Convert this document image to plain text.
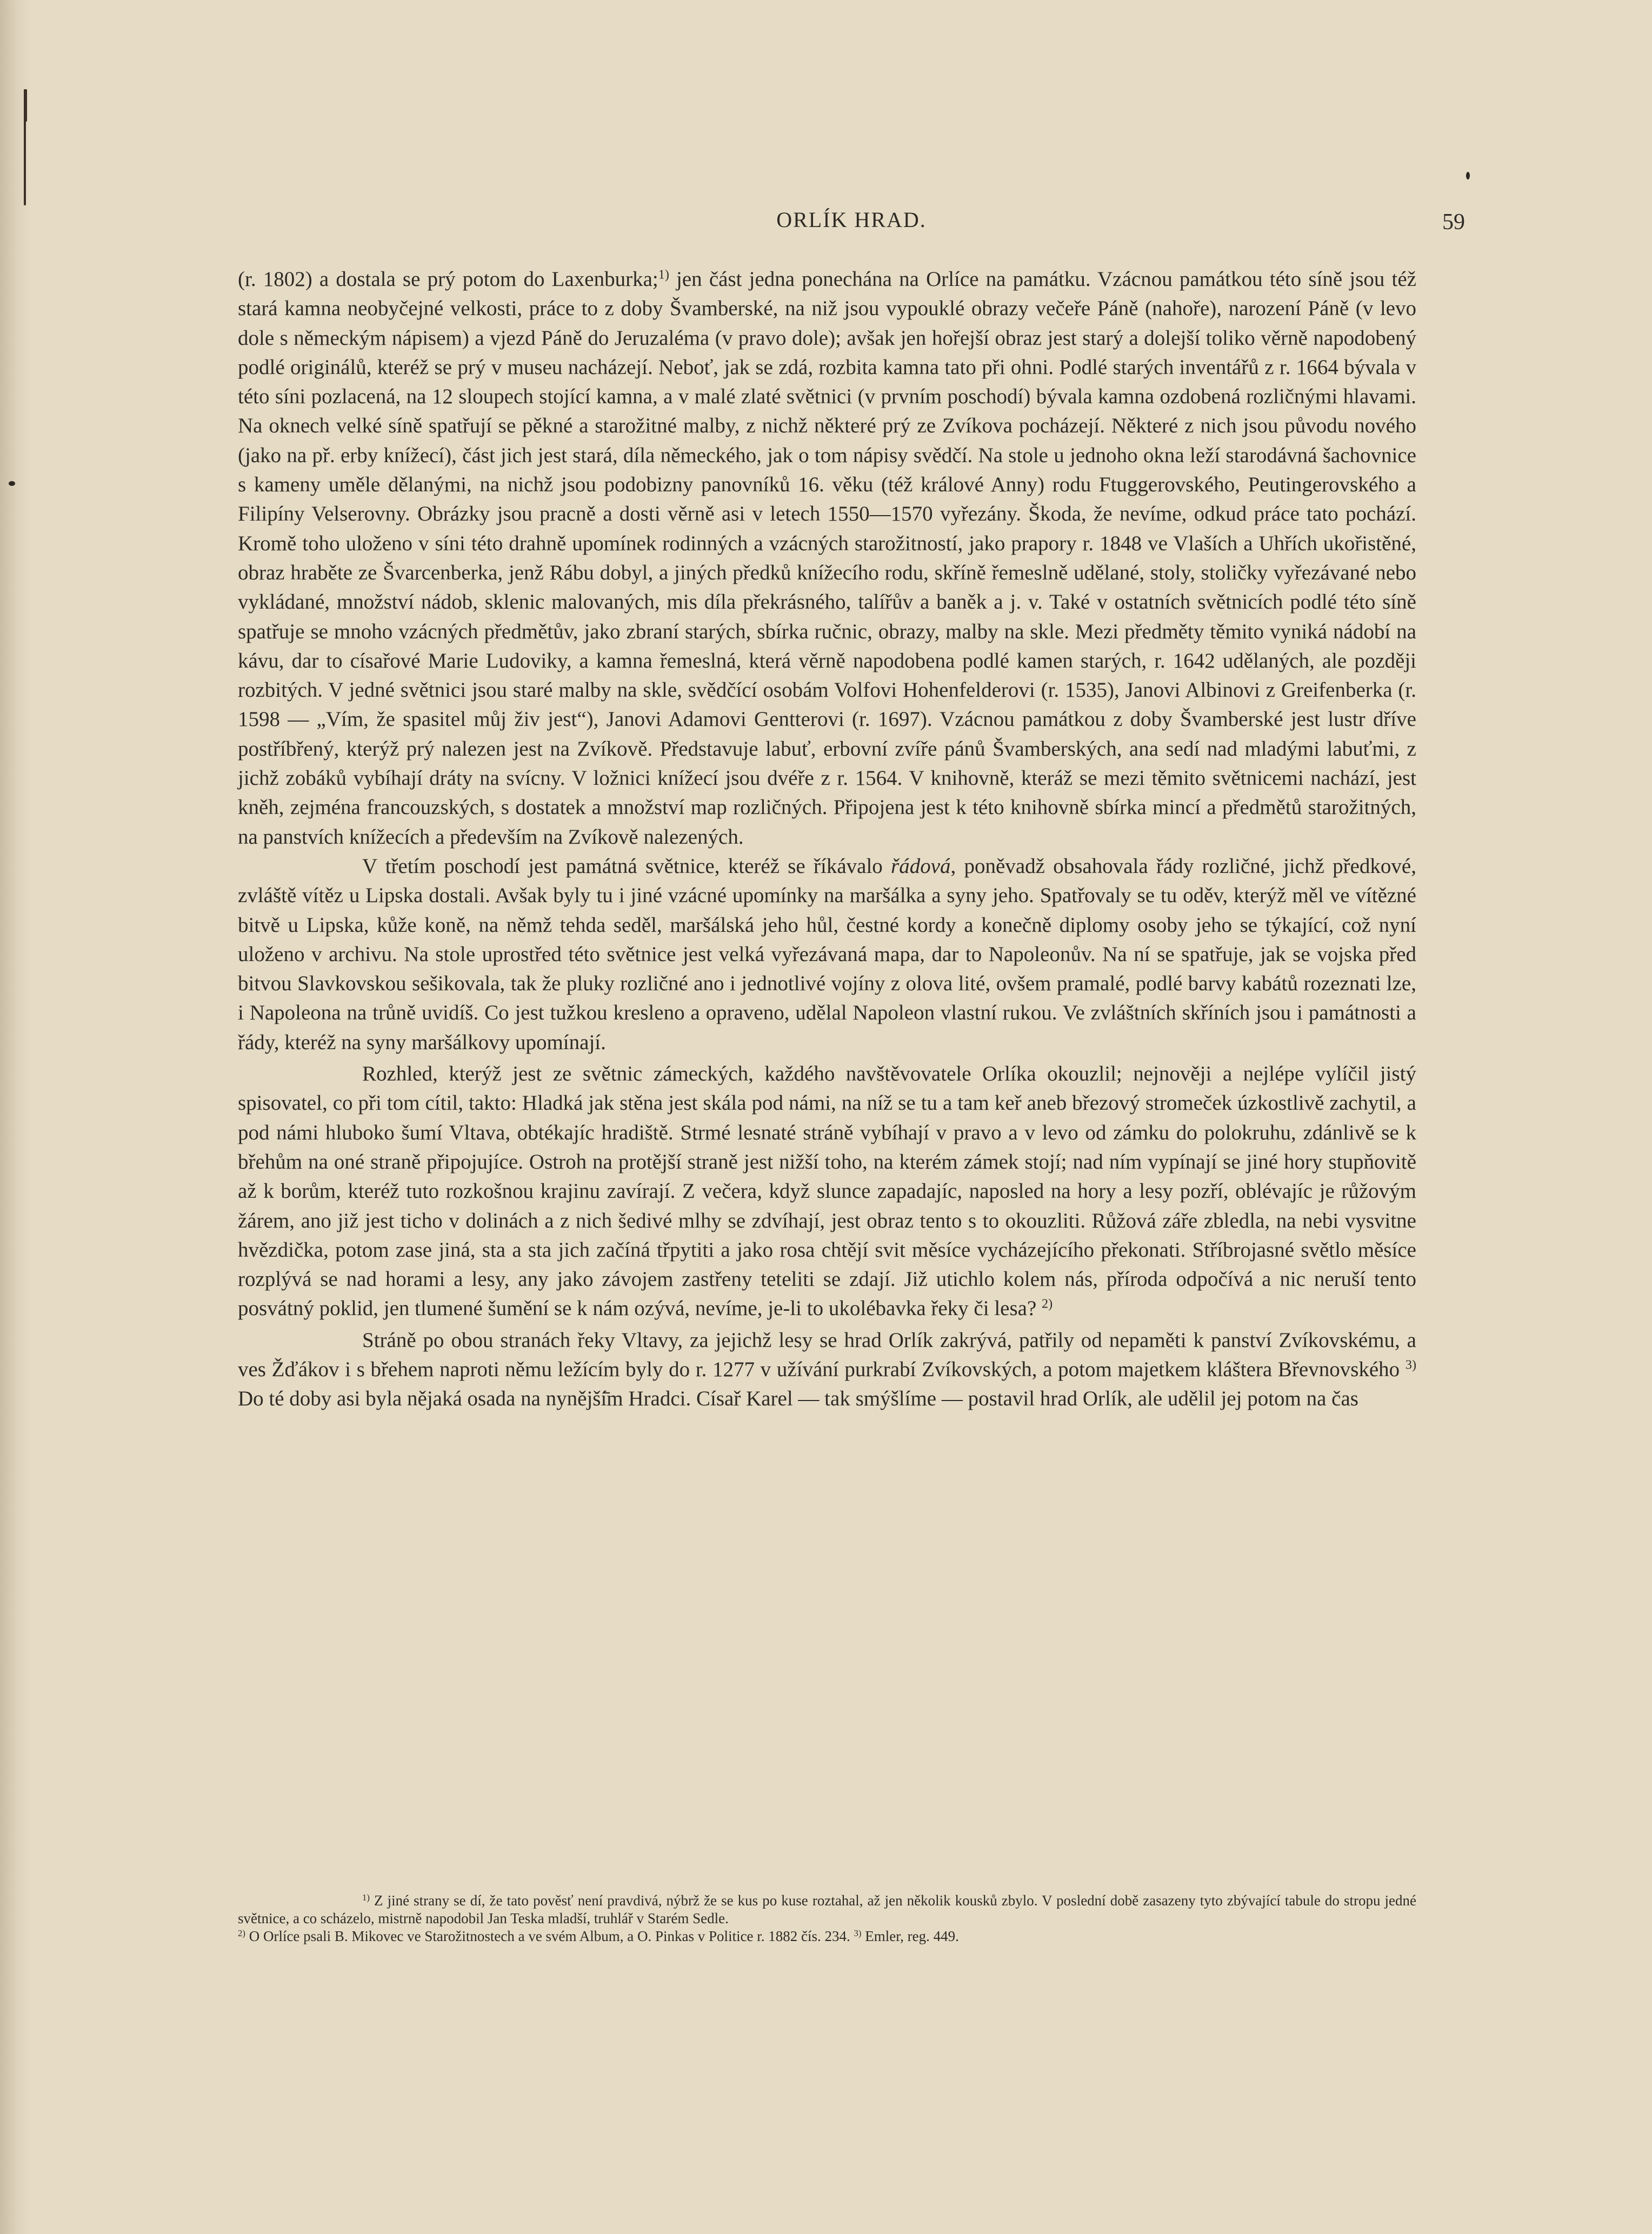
ORLÍK HRAD.	59

(r. 1802) a dostala se prý potom do Laxenburka;$^{1)}$ jen část jedna ponechána na Orlíce na památku. Vzácnou památkou této síně jsou též stará kamna neobyčejné velkosti, práce to z doby Švamberské, na niž jsou vypouklé obrazy večeře Páně (nahoře), narození Páně (v levo dole s německým nápisem) a vjezd Páně do Jeruzaléma (v pravo dole); avšak jen hořejší obraz jest starý a dolejší toliko věrně napodobený podlé originálů, kteréž se prý v museu nacházejí. Neboť, jak se zdá, rozbita kamna tato při ohni. Podlé starých inventářů z r. 1664 bývala v této síni pozlacená, na 12 sloupech stojící kamna, a v malé zlaté světnici (v prvním poschodí) bývala kamna ozdobená rozličnými hlavami. Na oknech velké síně spatřují se pěkné a starožitné malby, z nichž některé prý ze Zvíkova pocházejí. Některé z nich jsou původu nového (jako na př. erby knížecí), část jich jest stará, díla německého, jak o tom nápisy svědčí. Na stole u jednoho okna leží starodávná šachovnice s kameny uměle dělanými, na nichž jsou podobizny panovníků 16. věku (též králové Anny) rodu Ftuggerovského, Peutingerovského a Filipíny Velserovny. Obrázky jsou pracně a dosti věrně asi v letech 1550—1570 vyřezány. Škoda, že nevíme, odkud práce tato pochází. Kromě toho uloženo v síni této drahně upomínek rodinných a vzácných starožitností, jako prapory r. 1848 ve Vlaších a Uhřích ukořistěné, obraz hraběte ze Švarcenberka, jenž Rábu dobyl, a jiných předků knížecího rodu, skříně řemeslně udělané, stoly, stoličky vyřezávané nebo vykládané, množství nádob, sklenic malovaných, mis díla překrásného, talířův a baněk a j. v. Také v ostatních světnicích podlé této síně spatřuje se mnoho vzácných předmětův, jako zbraní starých, sbírka ručnic, obrazy, malby na skle. Mezi předměty těmito vyniká nádobí na kávu, dar to císařové Marie Ludoviky, a kamna řemeslná, která věrně napodobena podlé kamen starých, r. 1642 udělaných, ale později rozbitých. V jedné světnici jsou staré malby na skle, svědčící osobám Volfovi Hohenfelderovi (r. 1535), Janovi Albinovi z Greifenberka (r. 1598 — „Vím, že spasitel můj živ jest“), Janovi Adamovi Gentterovi (r. 1697). Vzácnou památkou z doby Švamberské jest lustr dříve postříbřený, kterýž prý nalezen jest na Zvíkově. Představuje labuť, erbovní zvíře pánů Švamberských, ana sedí nad mladými labuťmi, z jichž zobáků vybíhají dráty na svícny. V ložnici knížecí jsou dvéře z r. 1564. V knihovně, kteráž se mezi těmito světnicemi nachází, jest kněh, zejména francouzských, s dostatek a množství map rozličných. Připojena jest k této knihovně sbírka mincí a předmětů starožitných, na panstvích knížecích a především na Zvíkově nalezených.

V třetím poschodí jest památná světnice, kteréž se říkávalo řádová, poněvadž obsahovala řády rozličné, jichž předkové, zvláště vítěz u Lipska dostali. Avšak byly tu i jiné vzácné upomínky na maršálka a syny jeho. Spatřovaly se tu oděv, kterýž měl ve vítězné bitvě u Lipska, kůže koně, na němž tehda seděl, maršálská jeho hůl, čestné kordy a konečně diplomy osoby jeho se týkající, což nyní uloženo v archivu. Na stole uprostřed této světnice jest velká vyřezávaná mapa, dar to Napoleonův. Na ní se spatřuje, jak se vojska před bitvou Slavkovskou sešikovala, tak že pluky rozličné ano i jednotlivé vojíny z olova lité, ovšem pramalé, podlé barvy kabátů rozeznati lze, i Napoleona na trůně uvidíš. Co jest tužkou kresleno a opraveno, udělal Napoleon vlastní rukou. Ve zvláštních skříních jsou i památnosti a řády, kteréž na syny maršálkovy upomínají.

Rozhled, kterýž jest ze světnic zámeckých, každého navštěvovatele Orlíka okouzlil; nejnověji a nejlépe vylíčil jistý spisovatel, co při tom cítil, takto: Hladká jak stěna jest skála pod námi, na níž se tu a tam keř aneb březový stromeček úzkostlivě zachytil, a pod námi hluboko šumí Vltava, obtékajíc hradiště. Strmé lesnaté stráně vybíhají v pravo a v levo od zámku do polokruhu, zdánlivě se k břehům na oné straně připojujíce. Ostroh na protější straně jest nižší toho, na kterém zámek stojí; nad ním vypínají se jiné hory stupňovitě až k borům, kteréž tuto rozkošnou krajinu zavírají. Z večera, když slunce zapadajíc, naposled na hory a lesy pozří, oblévajíc je růžovým žárem, ano již jest ticho v dolinách a z nich šedivé mlhy se zdvíhají, jest obraz tento s to okouzliti. Růžová záře zbledla, na nebi vysvitne hvězdička, potom zase jiná, sta a sta jich začíná třpytiti a jako rosa chtějí svit měsíce vycházejícího překonati. Stříbrojasné světlo měsíce rozplývá se nad horami a lesy, any jako závojem zastřeny teteliti se zdají. Již utichlo kolem nás, příroda odpočívá a nic neruší tento posvátný poklid, jen tlumené šumění se k nám ozývá, nevíme, je-li to ukolébavka řeky či lesa? $^{2)}$

Stráně po obou stranách řeky Vltavy, za jejichž lesy se hrad Orlík zakrývá, patřily od nepaměti k panství Zvíkovskému, a ves Žďákov i s břehem naproti němu ležícím byly do r. 1277 v užívání purkrabí Zvíkovských, a potom majetkem kláštera Břevnovského $^{3)}$ Do té doby asi byla nějaká osada na nynější̄m Hradci. Císař Karel — tak smýšlíme — postavil hrad Orlík, ale udělil jej potom na čas

$^{1)}$ Z jiné strany se dí, že tato pověsť není pravdivá, nýbrž že se kus po kuse roztahal, až jen několik kousků zbylo. V poslední době zasazeny tyto zbývající tabule do stropu jedné světnice, a co scházelo, mistrně napodobil Jan Teska mladší, truhlář v Starém Sedle.

$^{2)}$ O Orlíce psali B. Mikovec ve Starožitnostech a ve svém Album, a O. Pinkas v Politice r. 1882 čís. 234. $^{3)}$ Emler, reg. 449.
